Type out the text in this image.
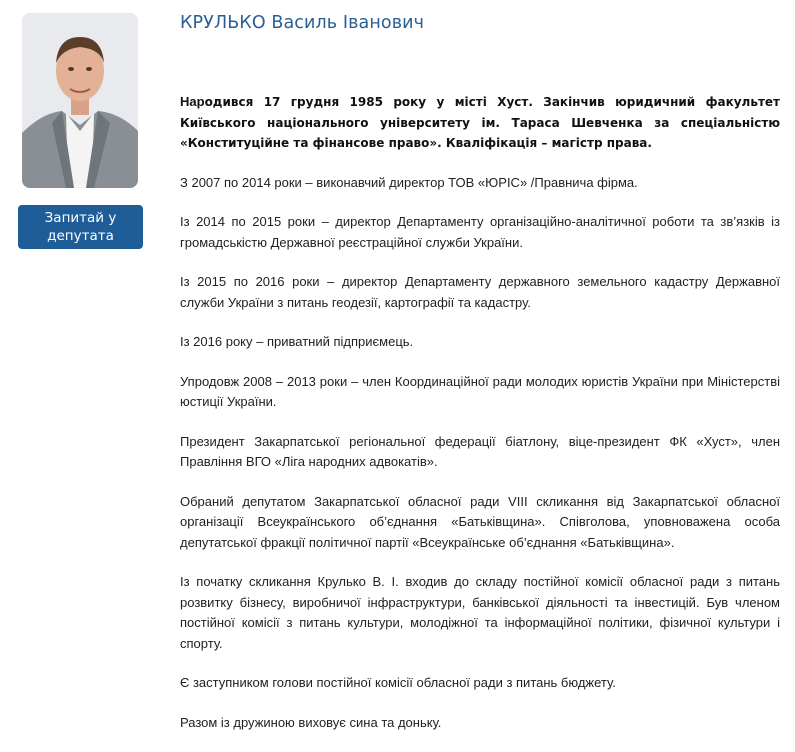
Запитай у депутата
КРУЛЬКО Василь Іванович

Народився 17 грудня 1985 року у місті Хуст. Закінчив юридичний факультет Київського національного університету ім. Тараса Шевченка за спеціальністю «Конституційне та фінансове право». Кваліфікація – магістр права.

З 2007 по 2014 роки – виконавчий директор ТОВ «ЮРІС» /Правнича фірма.

Із 2014 по 2015 роки – директор Департаменту організаційно-аналітичної роботи та зв’язків із громадськістю Державної реєстраційної служби України.

Із 2015 по 2016 роки – директор Департаменту державного земельного кадастру Державної служби України з питань геодезії, картографії та кадастру.

Із 2016 року – приватний підприємець.

Упродовж 2008 – 2013 роки – член Координаційної ради молодих юристів України при Міністерстві юстиції України.

Президент Закарпатської регіональної федерації біатлону, віце-президент ФК «Хуст», член Правління ВГО «Ліга народних адвокатів».

Обраний депутатом Закарпатської обласної ради VIII скликання від Закарпатської обласної організації Всеукраїнського об’єднання «Батьківщина». Співголова, уповноважена особа депутатської фракції політичної партії «Всеукраїнське об’єднання «Батьківщина».

Із початку скликання Крулько В. І. входив до складу постійної комісії обласної ради з питань розвитку бізнесу, виробничої інфраструктури, банківської діяльності та інвестицій. Був членом постійної комісії з питань культури, молодіжної та інформаційної політики, фізичної культури і спорту.

Є заступником голови постійної комісії обласної ради з питань бюджету.

Разом із дружиною виховує сина та доньку.
